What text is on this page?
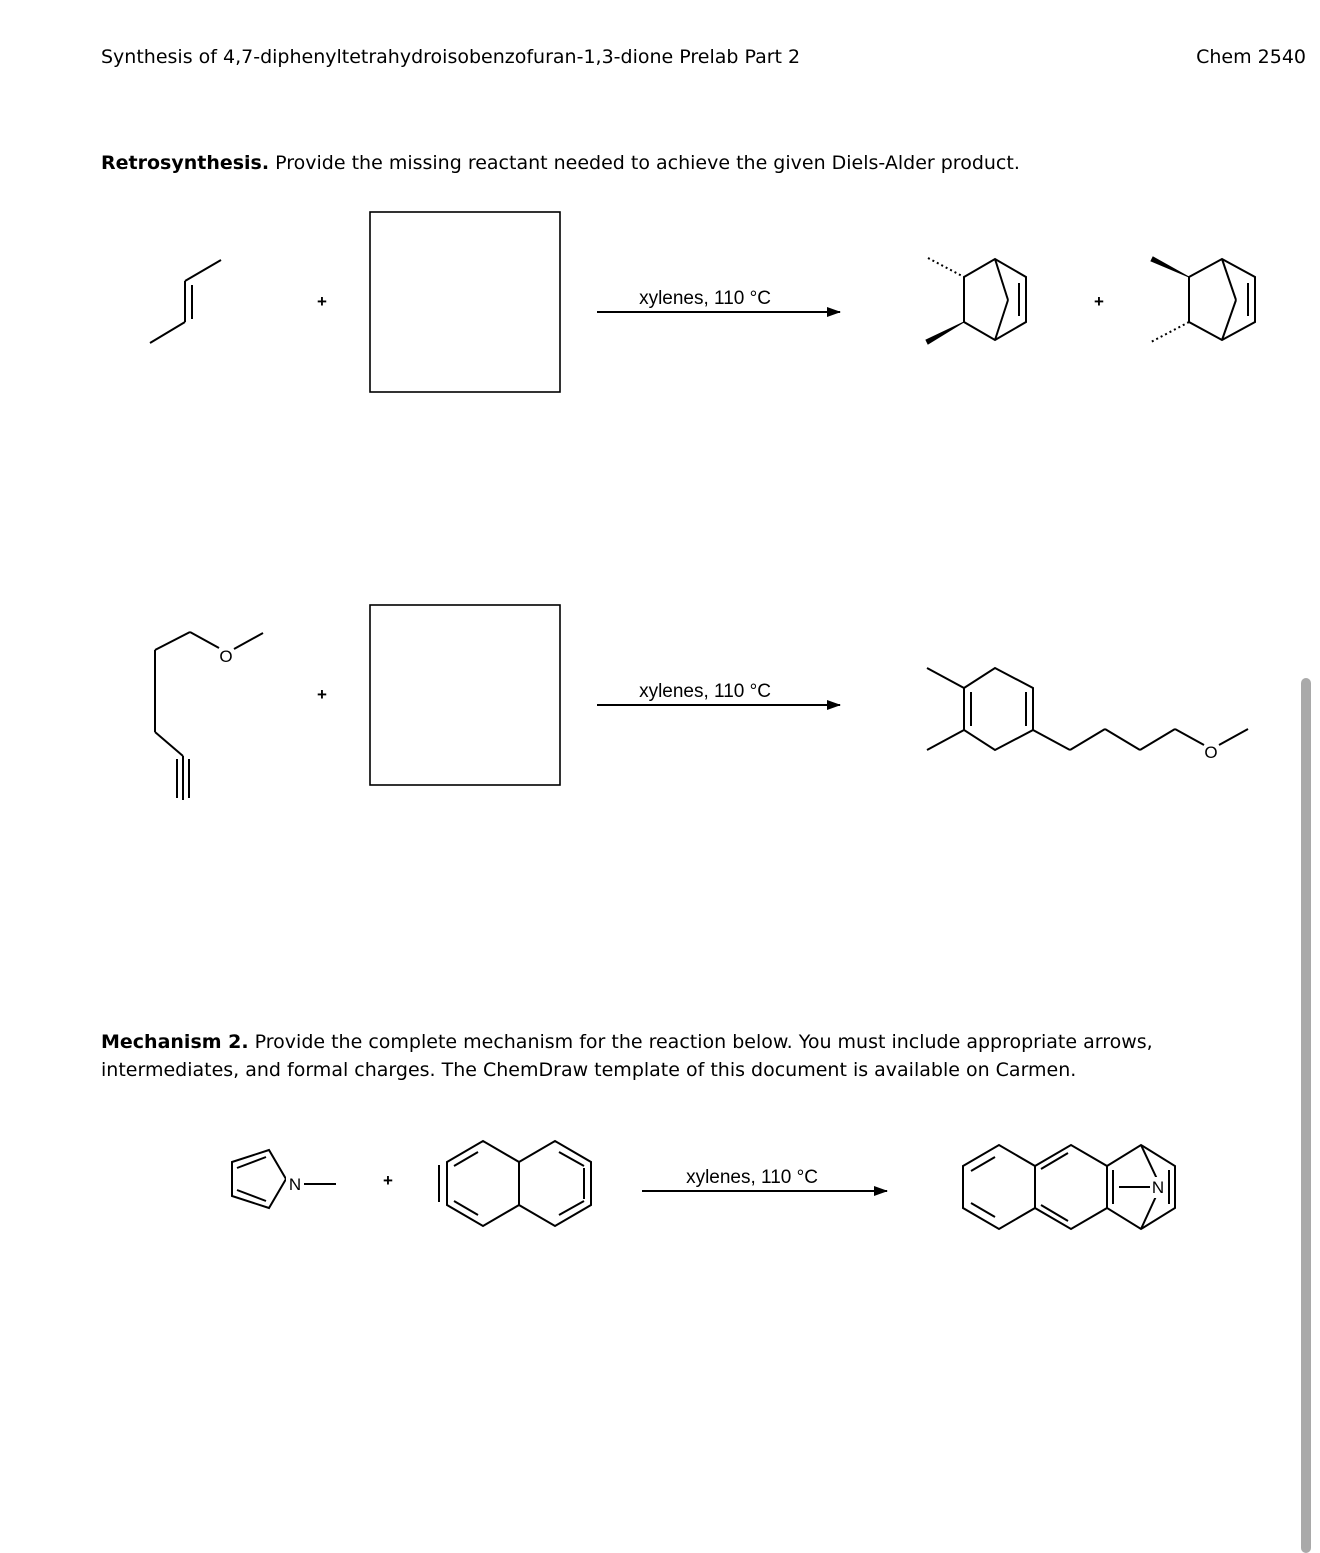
Synthesis of 4,7-diphenyltetrahydroisobenzofuran-1,3-dione Prelab Part 2	Chem 2540
Retrosynthesis. Provide the missing reactant needed to achieve the given Diels-Alder product.
Mechanism 2. Provide the complete mechanism for the reaction below. You must include appropriate arrows, intermediates, and formal charges. The ChemDraw template of this document is available on Carmen.
+	xylenes, 110 °C	+
O
+	xylenes, 110 °C
O
N	+	xylenes, 110 °C	N
